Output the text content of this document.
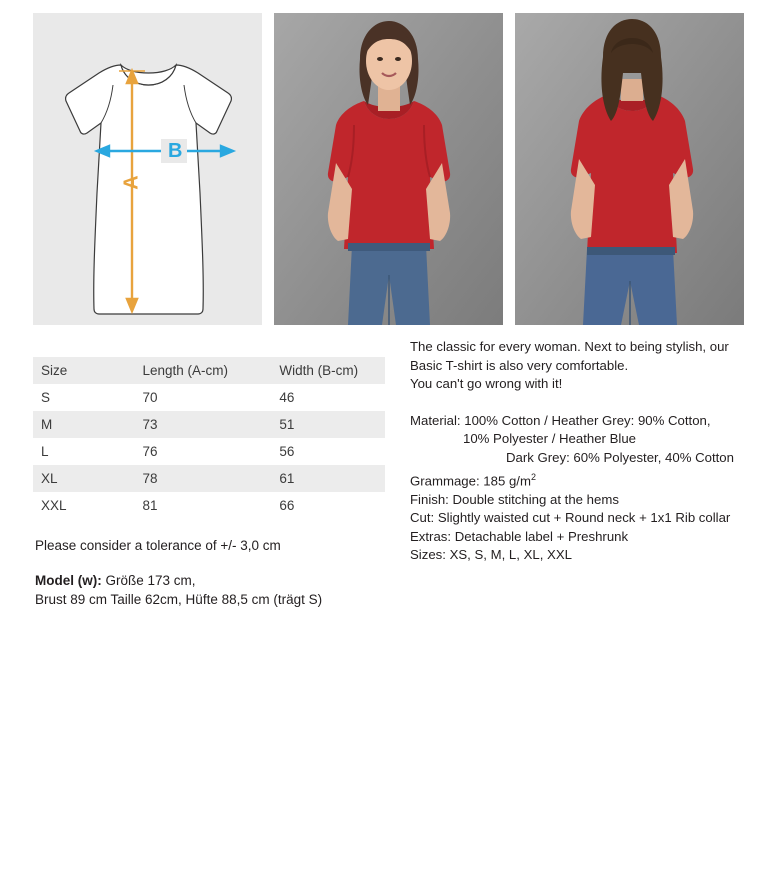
A
B
Size	Length (A-cm)	Width (B-cm)
S	70	46
M	73	51
L	76	56
XL	78	61
XXL	81	66
Please consider a tolerance of +/- 3,0 cm
Model (w): Größe 173 cm,
Brust 89 cm Taille 62cm, Hüfte 88,5 cm (trägt S)

The classic for every woman. Next to being stylish, our

Basic T-shirt is also very comfortable.

You can't go wrong with it!

Material: 100% Cotton / Heather Grey: 90% Cotton,

10% Polyester / Heather Blue

Dark Grey: 60% Polyester, 40% Cotton

Grammage: 185 $g/m^2$

Finish: Double stitching at the hems

Cut: Slightly waisted cut + Round neck + 1x1 Rib collar

Extras: Detachable label + Preshrunk

Sizes: XS, S, M, L, XL, XXL
